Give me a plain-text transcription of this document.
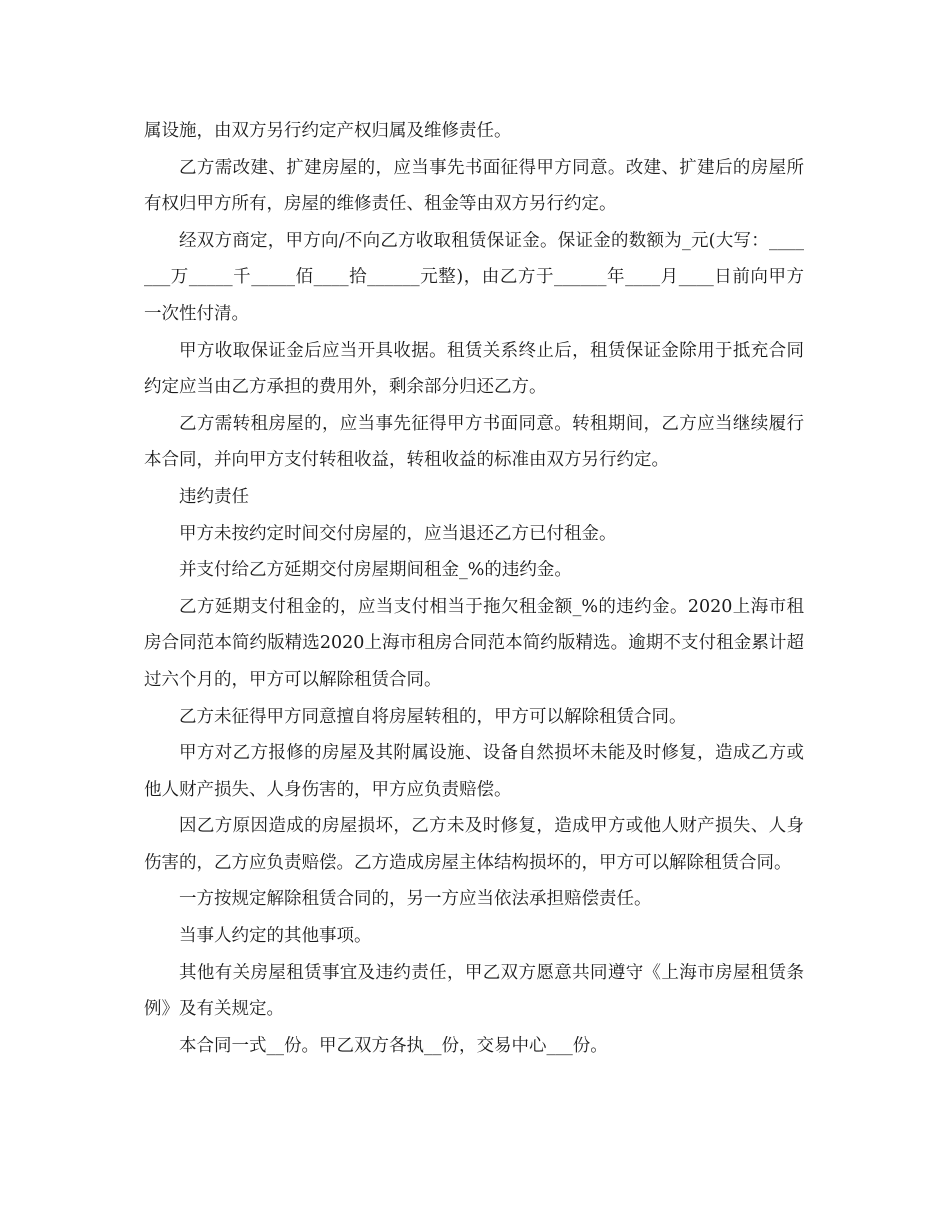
属设施，由双方另行约定产权归属及维修责任。

乙方需改建、扩建房屋的，应当事先书面征得甲方同意。改建、扩建后的房屋所有权归甲方所有，房屋的维修责任、租金等由双方另行约定。

经双方商定，甲方向/不向乙方收取租赁保证金。保证金的数额为_元(大写：_______万_____千_____佰____拾______元整)，由乙方于______年____月____日前向甲方一次性付清。

甲方收取保证金后应当开具收据。租赁关系终止后，租赁保证金除用于抵充合同约定应当由乙方承担的费用外，剩余部分归还乙方。

乙方需转租房屋的，应当事先征得甲方书面同意。转租期间，乙方应当继续履行本合同，并向甲方支付转租收益，转租收益的标准由双方另行约定。

违约责任

甲方未按约定时间交付房屋的，应当退还乙方已付租金。

并支付给乙方延期交付房屋期间租金_%的违约金。

乙方延期支付租金的，应当支付相当于拖欠租金额_%的违约金。2020上海市租房合同范本简约版精选2020上海市租房合同范本简约版精选。逾期不支付租金累计超过六个月的，甲方可以解除租赁合同。

乙方未征得甲方同意擅自将房屋转租的，甲方可以解除租赁合同。

甲方对乙方报修的房屋及其附属设施、设备自然损坏未能及时修复，造成乙方或他人财产损失、人身伤害的，甲方应负责赔偿。

因乙方原因造成的房屋损坏，乙方未及时修复，造成甲方或他人财产损失、人身伤害的，乙方应负责赔偿。乙方造成房屋主体结构损坏的，甲方可以解除租赁合同。

一方按规定解除租赁合同的，另一方应当依法承担赔偿责任。

当事人约定的其他事项。

其他有关房屋租赁事宜及违约责任，甲乙双方愿意共同遵守《上海市房屋租赁条例》及有关规定。

本合同一式__份。甲乙双方各执__份，交易中心___份。
